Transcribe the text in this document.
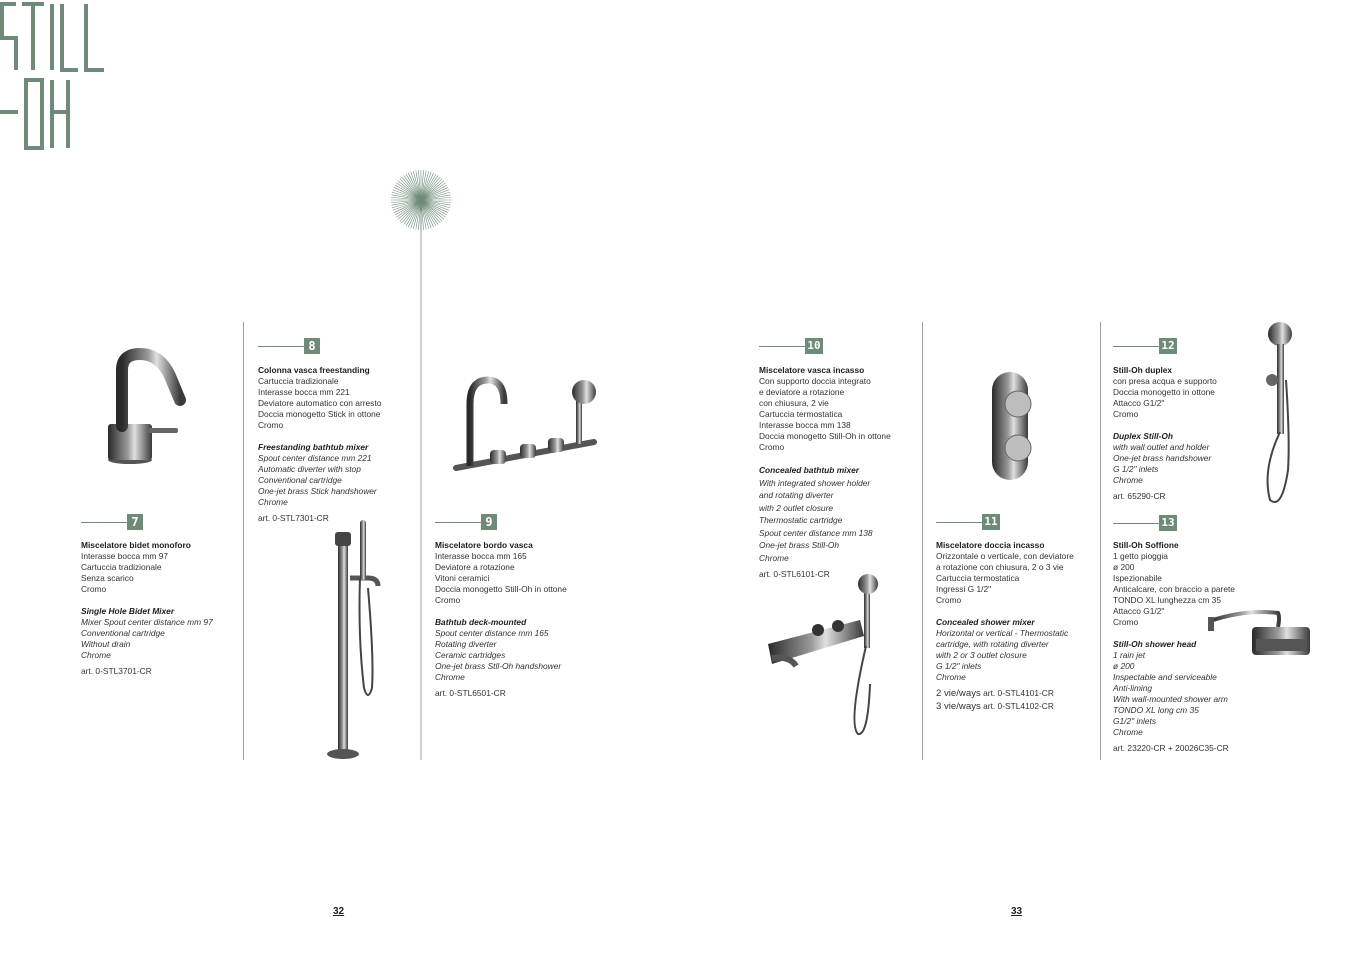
7
Miscelatore bidet monoforo
Interasse bocca mm 97
Cartuccia tradizionale
Senza scarico
Cromo
Single Hole Bidet Mixer
Mixer Spout center distance mm 97
Conventional cartridge
Without drain
Chrome
art. 0-STL3701-CR
8
Colonna vasca freestanding
Cartuccia tradizionale
Interasse bocca mm 221
Deviatore automatico con arresto
Doccia monogetto Stick in ottone
Cromo
Freestanding bathtub mixer
Spout center distance mm 221
Automatic diverter with stop
Conventional cartridge
One-jet brass Stick handshower
Chrome
art. 0-STL7301-CR	9
Miscelatore bordo vasca
Interasse bocca mm 165
Deviatore a rotazione
Vitoni ceramici
Doccia monogetto Still-Oh in ottone
Cromo
Bathtub deck-mounted
Spout center distance mm 165
Rotating diverter
Ceramic cartridges
One-jet brass Stll-Oh handshower
Chrome
art. 0-STL6501-CR
10
Miscelatore vasca incasso
Con supporto doccia integrato
e deviatore a rotazione
con chiusura, 2 vie
Cartuccia termostatica
Interasse bocca mm 138
Doccia monogetto Still-Oh in ottone
Cromo
Concealed bathtub mixer
With integrated shower holder
and rotating diverter
with 2 outlet closure
Thermostatic cartridge
Spout center distance mm 138
One-jet brass Still-Oh
Chrome
art. 0-STL6101-CR
11
Miscelatore doccia incasso
Orizzontale o verticale, con deviatore
a rotazione con chiusura, 2 o 3 vie
Cartuccia termostatica
Ingressi G 1/2"
Cromo
Concealed shower mixer
Horizontal or vertical - Thermostatic
cartridge, with rotating diverter
with 2 or 3 outlet closure
G 1/2" inlets
Chrome
2 vie/ways art. 0-STL4101-CR
3 vie/ways art. 0-STL4102-CR
12
Still-Oh duplex
con presa acqua e supporto
Doccia monogetto in ottone
Attacco G1/2"
Cromo
Duplex Still-Oh
with wall outlet and holder
One-jet brass handshower
G 1/2" inlets
Chrome
art. 65290-CR
13
Still-Oh Soffione
1 getto pioggia
ø 200
Ispezionabile
Anticalcare, con braccio a parete
TONDO XL lunghezza cm 35
Attacco G1/2"
Cromo
Still-Oh shower head
1 rain jet
ø 200
Inspectable and serviceable
Anti-liming
With wall-mounted shower arm
TONDO XL long cm 35
G1/2" inlets
Chrome
art. 23220-CR + 20026C35-CR
32	33
